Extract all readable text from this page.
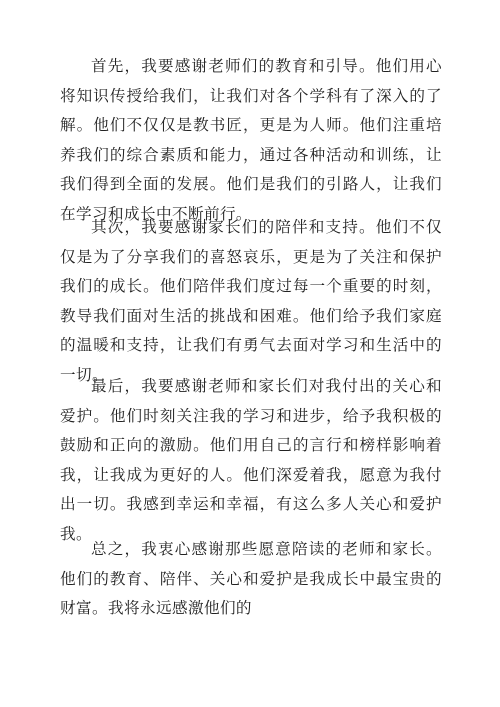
首先，我要感谢老师们的教育和引导。他们用心将知识传授给我们，让我们对各个学科有了深入的了解。他们不仅仅是教书匠，更是为人师。他们注重培养我们的综合素质和能力，通过各种活动和训练，让我们得到全面的发展。他们是我们的引路人，让我们在学习和成长中不断前行。

其次，我要感谢家长们的陪伴和支持。他们不仅仅是为了分享我们的喜怒哀乐，更是为了关注和保护我们的成长。他们陪伴我们度过每一个重要的时刻，教导我们面对生活的挑战和困难。他们给予我们家庭的温暖和支持，让我们有勇气去面对学习和生活中的一切。

最后，我要感谢老师和家长们对我付出的关心和爱护。他们时刻关注我的学习和进步，给予我积极的鼓励和正向的激励。他们用自己的言行和榜样影响着我，让我成为更好的人。他们深爱着我，愿意为我付出一切。我感到幸运和幸福，有这么多人关心和爱护我。

总之，我衷心感谢那些愿意陪读的老师和家长。他们的教育、陪伴、关心和爱护是我成长中最宝贵的财富。我将永远感激他们的
